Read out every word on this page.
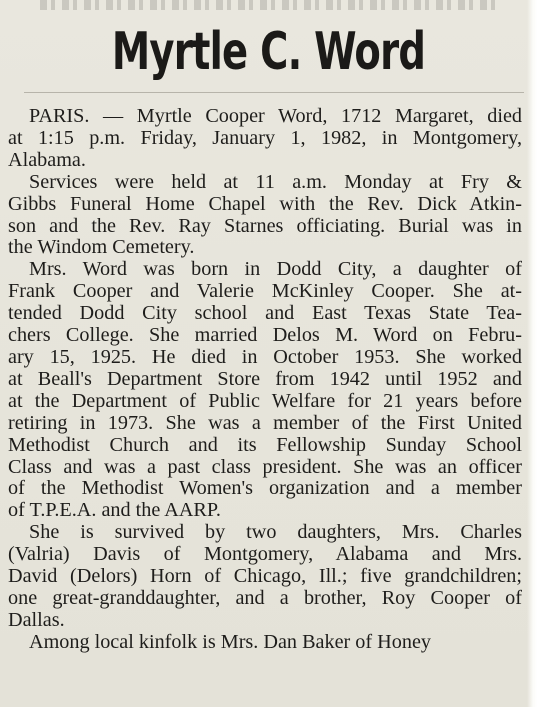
Myrtle C. Word
PARIS. — Myrtle Cooper Word, 1712 Margaret, died
at 1:15 p.m. Friday, January 1, 1982, in Montgomery,
Alabama.
Services were held at 11 a.m. Monday at Fry &
Gibbs Funeral Home Chapel with the Rev. Dick Atkin-
son and the Rev. Ray Starnes officiating. Burial was in
the Windom Cemetery.
Mrs. Word was born in Dodd City, a daughter of
Frank Cooper and Valerie McKinley Cooper. She at-
tended Dodd City school and East Texas State Tea-
chers College. She married Delos M. Word on Febru-
ary 15, 1925. He died in October 1953. She worked
at Beall's Department Store from 1942 until 1952 and
at the Department of Public Welfare for 21 years before
retiring in 1973. She was a member of the First United
Methodist Church and its Fellowship Sunday School
Class and was a past class president. She was an officer
of the Methodist Women's organization and a member
of T.P.E.A. and the AARP.
She is survived by two daughters, Mrs. Charles
(Valria) Davis of Montgomery, Alabama and Mrs.
David (Delors) Horn of Chicago, Ill.; five grandchildren;
one great-granddaughter, and a brother, Roy Cooper of
Dallas.
Among local kinfolk is Mrs. Dan Baker of Honey
